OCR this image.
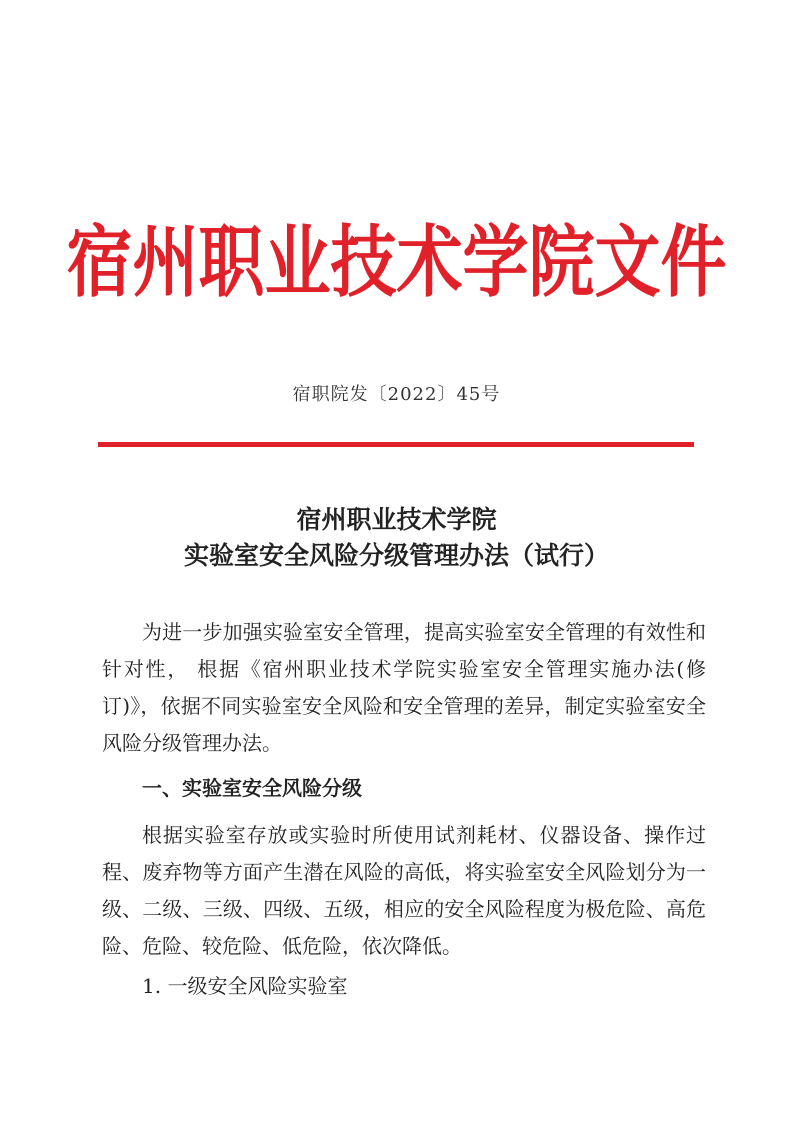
宿州职业技术学院文件
宿职院发〔2022〕45号
宿州职业技术学院
实验室安全风险分级管理办法（试行）

为进一步加强实验室安全管理，提高实验室安全管理的有效性和针对性， 根据《宿州职业技术学院实验室安全管理实施办法(修订)》，依据不同实验室安全风险和安全管理的差异，制定实验室安全风险分级管理办法。

一、实验室安全风险分级

根据实验室存放或实验时所使用试剂耗材、仪器设备、操作过程、废弃物等方面产生潜在风险的高低，将实验室安全风险划分为一级、二级、三级、四级、五级，相应的安全风险程度为极危险、高危险、危险、较危险、低危险，依次降低。

1. 一级安全风险实验室
